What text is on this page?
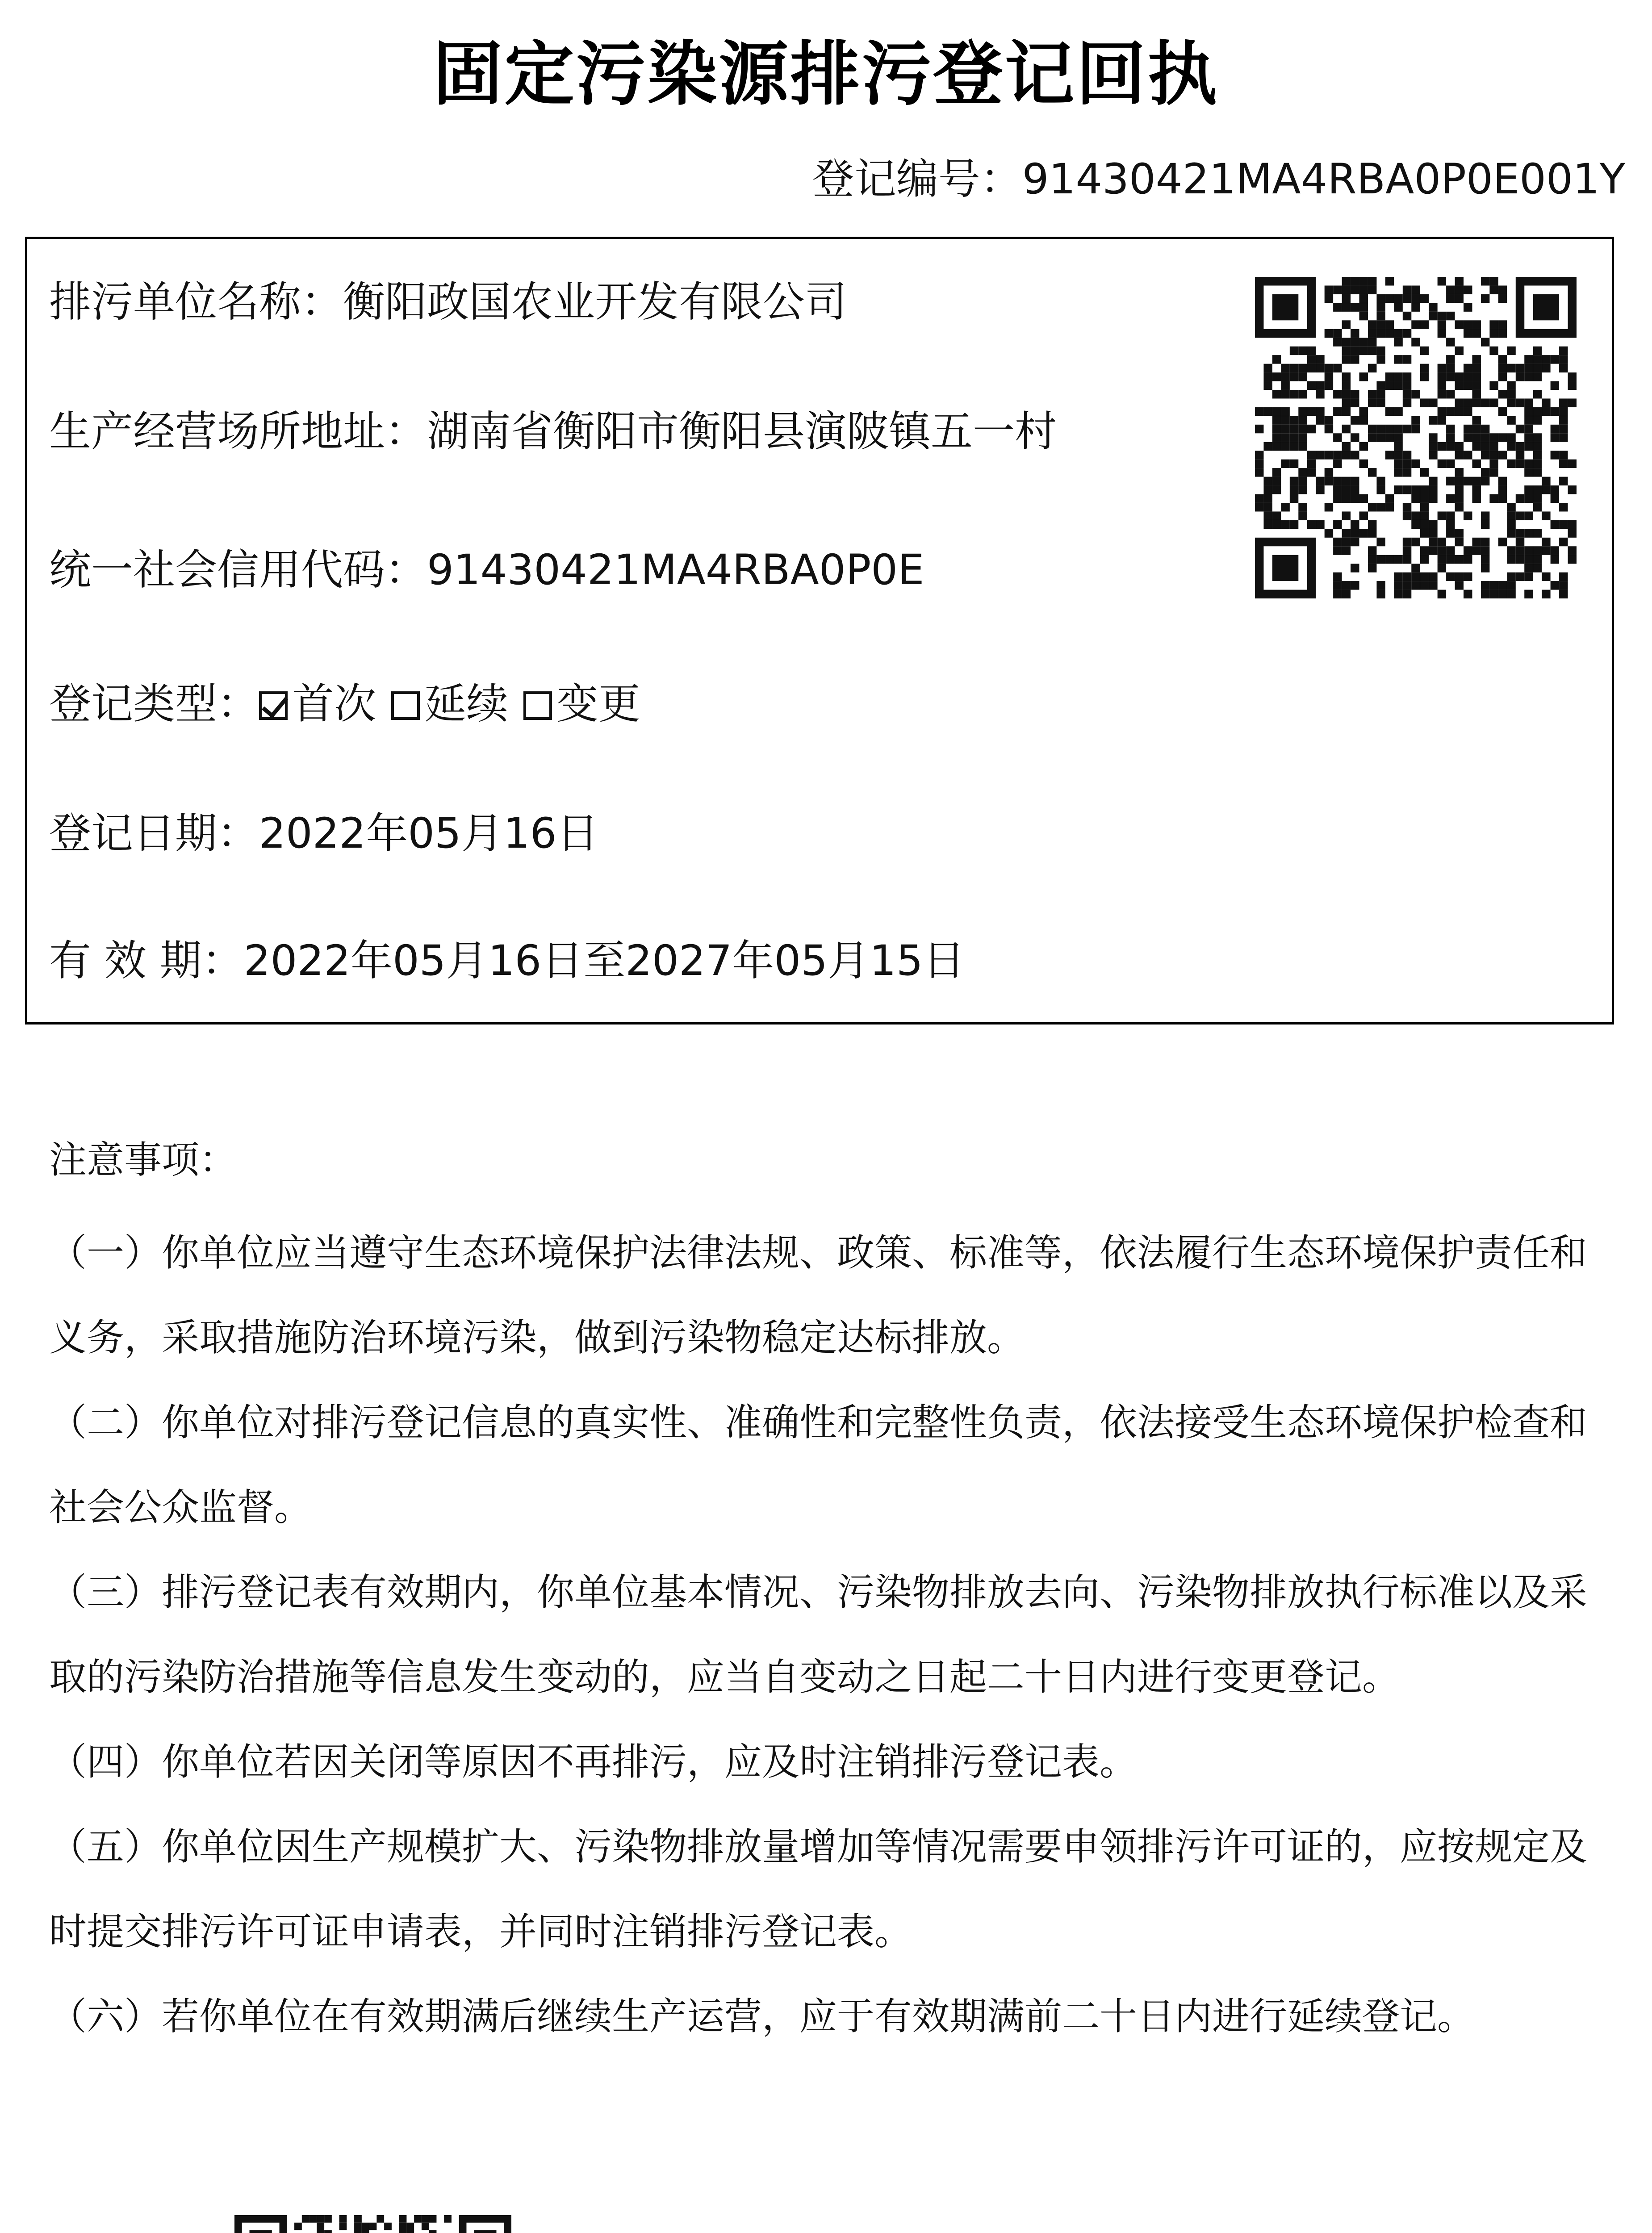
固定污染源排污登记回执
登记编号：91430421MA4RBA0P0E001Y
排污单位名称：衡阳政国农业开发有限公司
生产经营场所地址：湖南省衡阳市衡阳县演陂镇五一村
统一社会信用代码：91430421MA4RBA0P0E
登记类型： 首次 延续 变更
登记日期：2022年05月16日
有 效 期：2022年05月16日至2027年05月15日
注意事项：

（一）你单位应当遵守生态环境保护法律法规、政策、标准等，依法履行生态环境保护责任和义务，采取措施防治环境污染，做到污染物稳定达标排放。

（二）你单位对排污登记信息的真实性、准确性和完整性负责，依法接受生态环境保护检查和社会公众监督。

（三）排污登记表有效期内，你单位基本情况、污染物排放去向、污染物排放执行标准以及采取的污染防治措施等信息发生变动的，应当自变动之日起二十日内进行变更登记。

（四）你单位若因关闭等原因不再排污，应及时注销排污登记表。

（五）你单位因生产规模扩大、污染物排放量增加等情况需要申领排污许可证的，应按规定及时提交排污许可证申请表，并同时注销排污登记表。

（六）若你单位在有效期满后继续生产运营，应于有效期满前二十日内进行延续登记。
